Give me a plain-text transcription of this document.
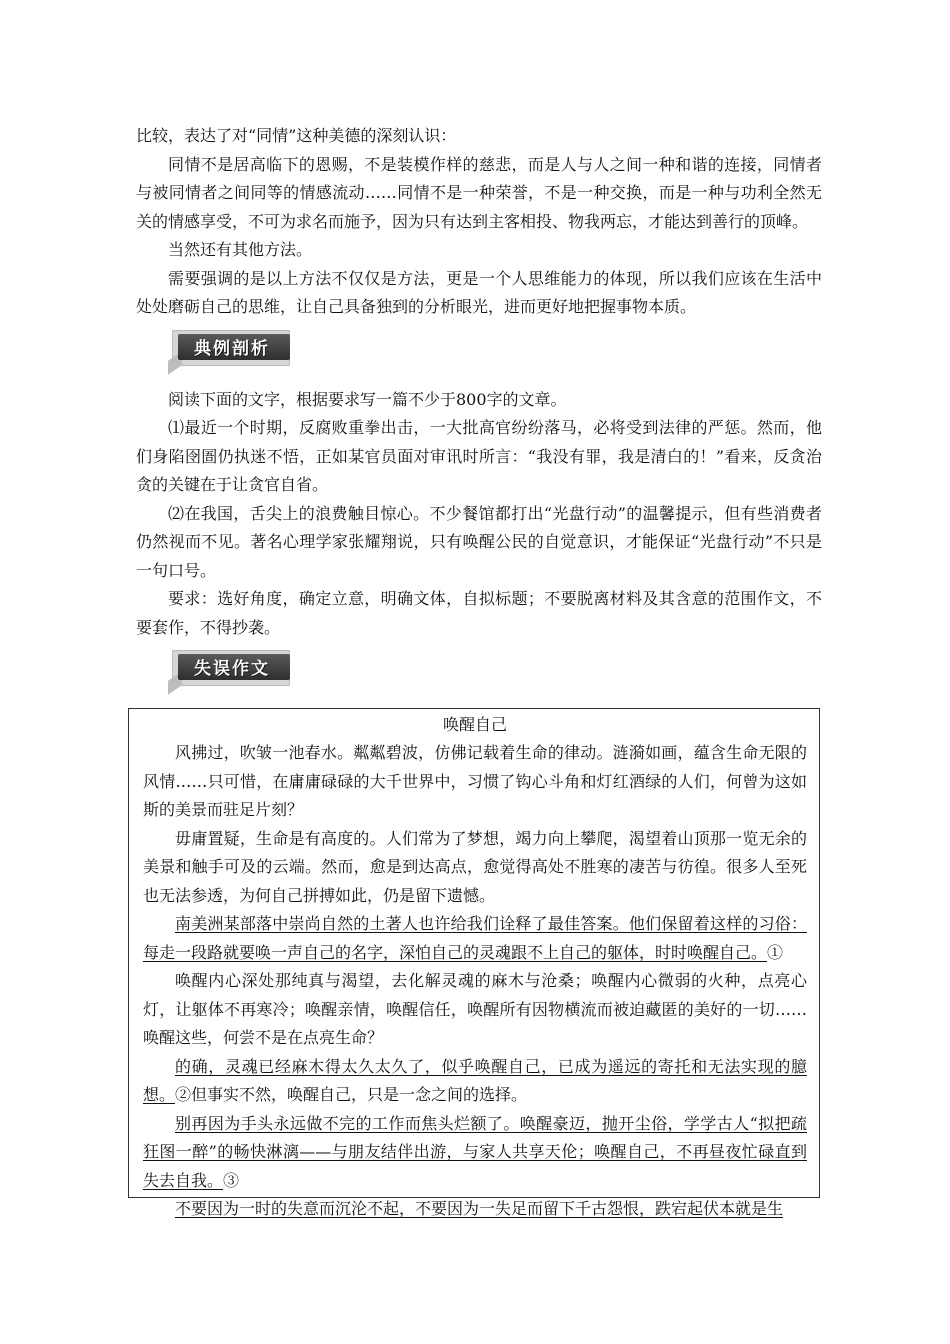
比较，表达了对“同情”这种美德的深刻认识：

同情不是居高临下的恩赐，不是装模作样的慈悲，而是人与人之间一种和谐的连接，同情者与被同情者之间同等的情感流动……同情不是一种荣誉，不是一种交换，而是一种与功利全然无关的情感享受，不可为求名而施予，因为只有达到主客相投、物我两忘，才能达到善行的顶峰。

当然还有其他方法。

需要强调的是以上方法不仅仅是方法，更是一个人思维能力的体现，所以我们应该在生活中处处磨砺自己的思维，让自己具备独到的分析眼光，进而更好地把握事物本质。

典例剖析

阅读下面的文字，根据要求写一篇不少于800字的文章。

⑴最近一个时期，反腐败重拳出击，一大批高官纷纷落马，必将受到法律的严惩。然而，他们身陷囹圄仍执迷不悟，正如某官员面对审讯时所言：“我没有罪，我是清白的！”看来，反贪治贪的关键在于让贪官自省。

⑵在我国，舌尖上的浪费触目惊心。不少餐馆都打出“光盘行动”的温馨提示，但有些消费者仍然视而不见。著名心理学家张耀翔说，只有唤醒公民的自觉意识，才能保证“光盘行动”不只是一句口号。

要求：选好角度，确定立意，明确文体，自拟标题；不要脱离材料及其含意的范围作文，不要套作，不得抄袭。

失误作文

唤醒自己

风拂过，吹皱一池春水。粼粼碧波，仿佛记载着生命的律动。涟漪如画，蕴含生命无限的风情……只可惜，在庸庸碌碌的大千世界中，习惯了钩心斗角和灯红酒绿的人们，何曾为这如斯的美景而驻足片刻？

毋庸置疑，生命是有高度的。人们常为了梦想，竭力向上攀爬，渴望着山顶那一览无余的美景和触手可及的云端。然而，愈是到达高点，愈觉得高处不胜寒的凄苦与彷徨。很多人至死也无法参透，为何自己拼搏如此，仍是留下遗憾。

南美洲某部落中崇尚自然的土著人也许给我们诠释了最佳答案。他们保留着这样的习俗：每走一段路就要唤一声自己的名字，深怕自己的灵魂跟不上自己的躯体，时时唤醒自己。①

唤醒内心深处那纯真与渴望，去化解灵魂的麻木与沧桑；唤醒内心微弱的火种，点亮心灯，让躯体不再寒冷；唤醒亲情，唤醒信任，唤醒所有因物横流而被迫藏匿的美好的一切……唤醒这些，何尝不是在点亮生命？

的确，灵魂已经麻木得太久太久了，似乎唤醒自己，已成为遥远的寄托和无法实现的臆想。②但事实不然，唤醒自己，只是一念之间的选择。

别再因为手头永远做不完的工作而焦头烂额了。唤醒豪迈，抛开尘俗，学学古人“拟把疏狂图一醉”的畅快淋漓——与朋友结伴出游，与家人共享天伦；唤醒自己，不再昼夜忙碌直到失去自我。③

不要因为一时的失意而沉沦不起，不要因为一失足而留下千古怨恨，跌宕起伏本就是生
